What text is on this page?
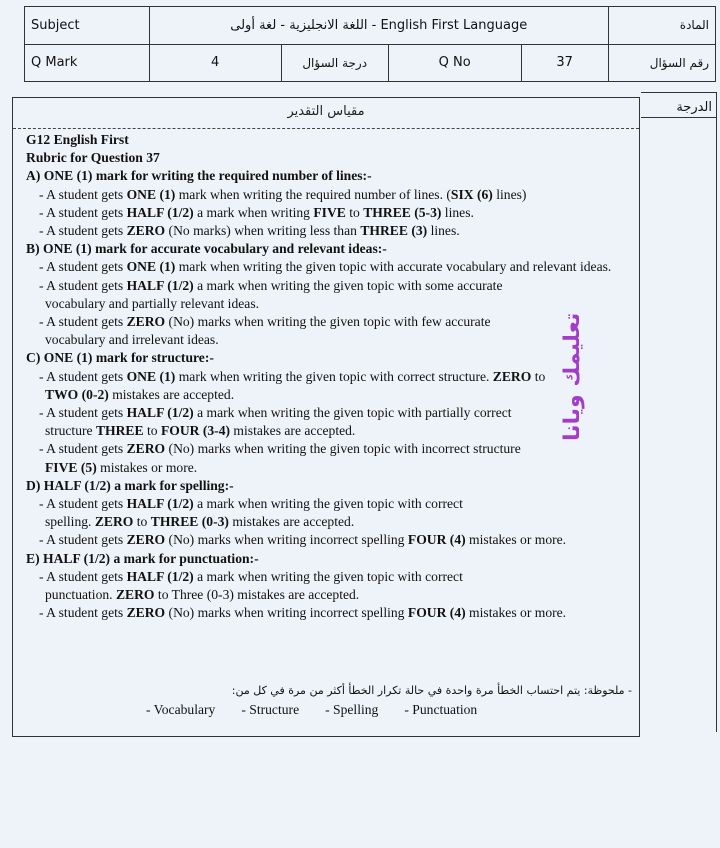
Subject	اللغة الانجليزية - لغة أولى - English First Language				المادة
Q Mark	4	درجة السؤال	Q No	37	رقم السؤال
الدرجة
مقياس التقدير

G12 English First

Rubric for Question 37

A) ONE (1) mark for writing the required number of lines:-

- A student gets ONE (1) mark when writing the required number of lines. (SIX (6) lines)

- A student gets HALF (1/2) a mark when writing FIVE to THREE (5-3) lines.

- A student gets ZERO (No marks) when writing less than THREE (3) lines.

B) ONE (1) mark for accurate vocabulary and relevant ideas:-

- A student gets ONE (1) mark when writing the given topic with accurate vocabulary and relevant ideas.

- A student gets HALF (1/2) a mark when writing the given topic with some accurate vocabulary and partially relevant ideas.

- A student gets ZERO (No) marks when writing the given topic with few accurate vocabulary and irrelevant ideas.

C) ONE (1) mark for structure:-

- A student gets ONE (1) mark when writing the given topic with correct structure. ZERO to TWO (0-2) mistakes are accepted.

- A student gets HALF (1/2) a mark when writing the given topic with partially correct structure THREE to FOUR (3-4) mistakes are accepted.

- A student gets ZERO (No) marks when writing the given topic with incorrect structure FIVE (5) mistakes or more.

D) HALF (1/2) a mark for spelling:-

- A student gets HALF (1/2) a mark when writing the given topic with correct spelling. ZERO to THREE (0-3) mistakes are accepted.

- A student gets ZERO (No) marks when writing incorrect spelling FOUR (4) mistakes or more.

E) HALF (1/2) a mark for punctuation:-

- A student gets HALF (1/2) a mark when writing the given topic with correct punctuation. ZERO to Three (0-3) mistakes are accepted.

- A student gets ZERO (No) marks when writing incorrect spelling FOUR (4) mistakes or more.

- ملحوظة: يتم احتساب الخطأ مرة واحدة في حالة تكرار الخطأ أكثر من مرة في كل من:
- Vocabulary - Structure - Spelling - Punctuation
تعليمك ويانا
